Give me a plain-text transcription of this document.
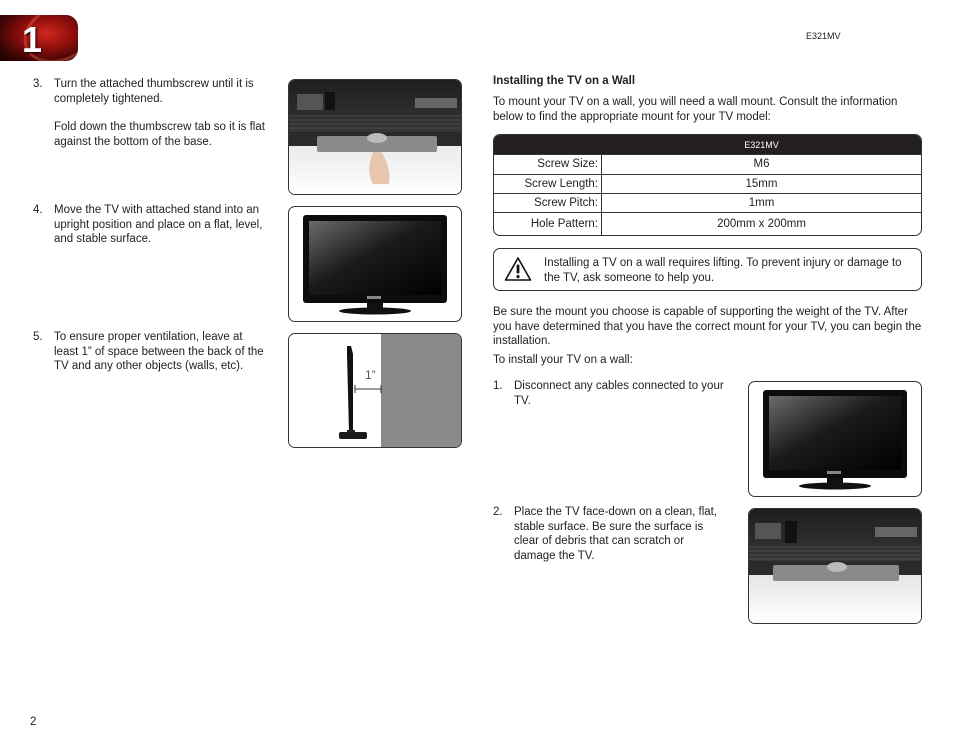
1	E321MV
3. Turn the attached thumbscrew until it is completely tightened.
Fold down the thumbscrew tab so it is flat against the bottom of the base.
4. Move the TV with attached stand into an upright position and place on a flat, level, and stable surface.
5. To ensure proper ventilation, leave at least 1” of space between the back of the TV and any other objects (walls, etc).
1”
Installing the TV on a Wall
To mount your TV on a wall, you will need a wall mount. Consult the information below to find the appropriate mount for your TV model:
E321MV
Screw Size:	M6
Screw Length:	15mm
Screw Pitch:	1mm
Hole Pattern:	200mm x 200mm
Installing a TV on a wall requires lifting. To prevent injury or damage to the TV, ask someone to help you.
Be sure the mount you choose is capable of supporting the weight of the TV. After you have determined that you have the correct mount for your TV, you can begin the installation.
To install your TV on a wall:
1. Disconnect any cables connected to your TV.
2. Place the TV face-down on a clean, flat, stable surface. Be sure the surface is clear of debris that can scratch or damage the TV.
2
